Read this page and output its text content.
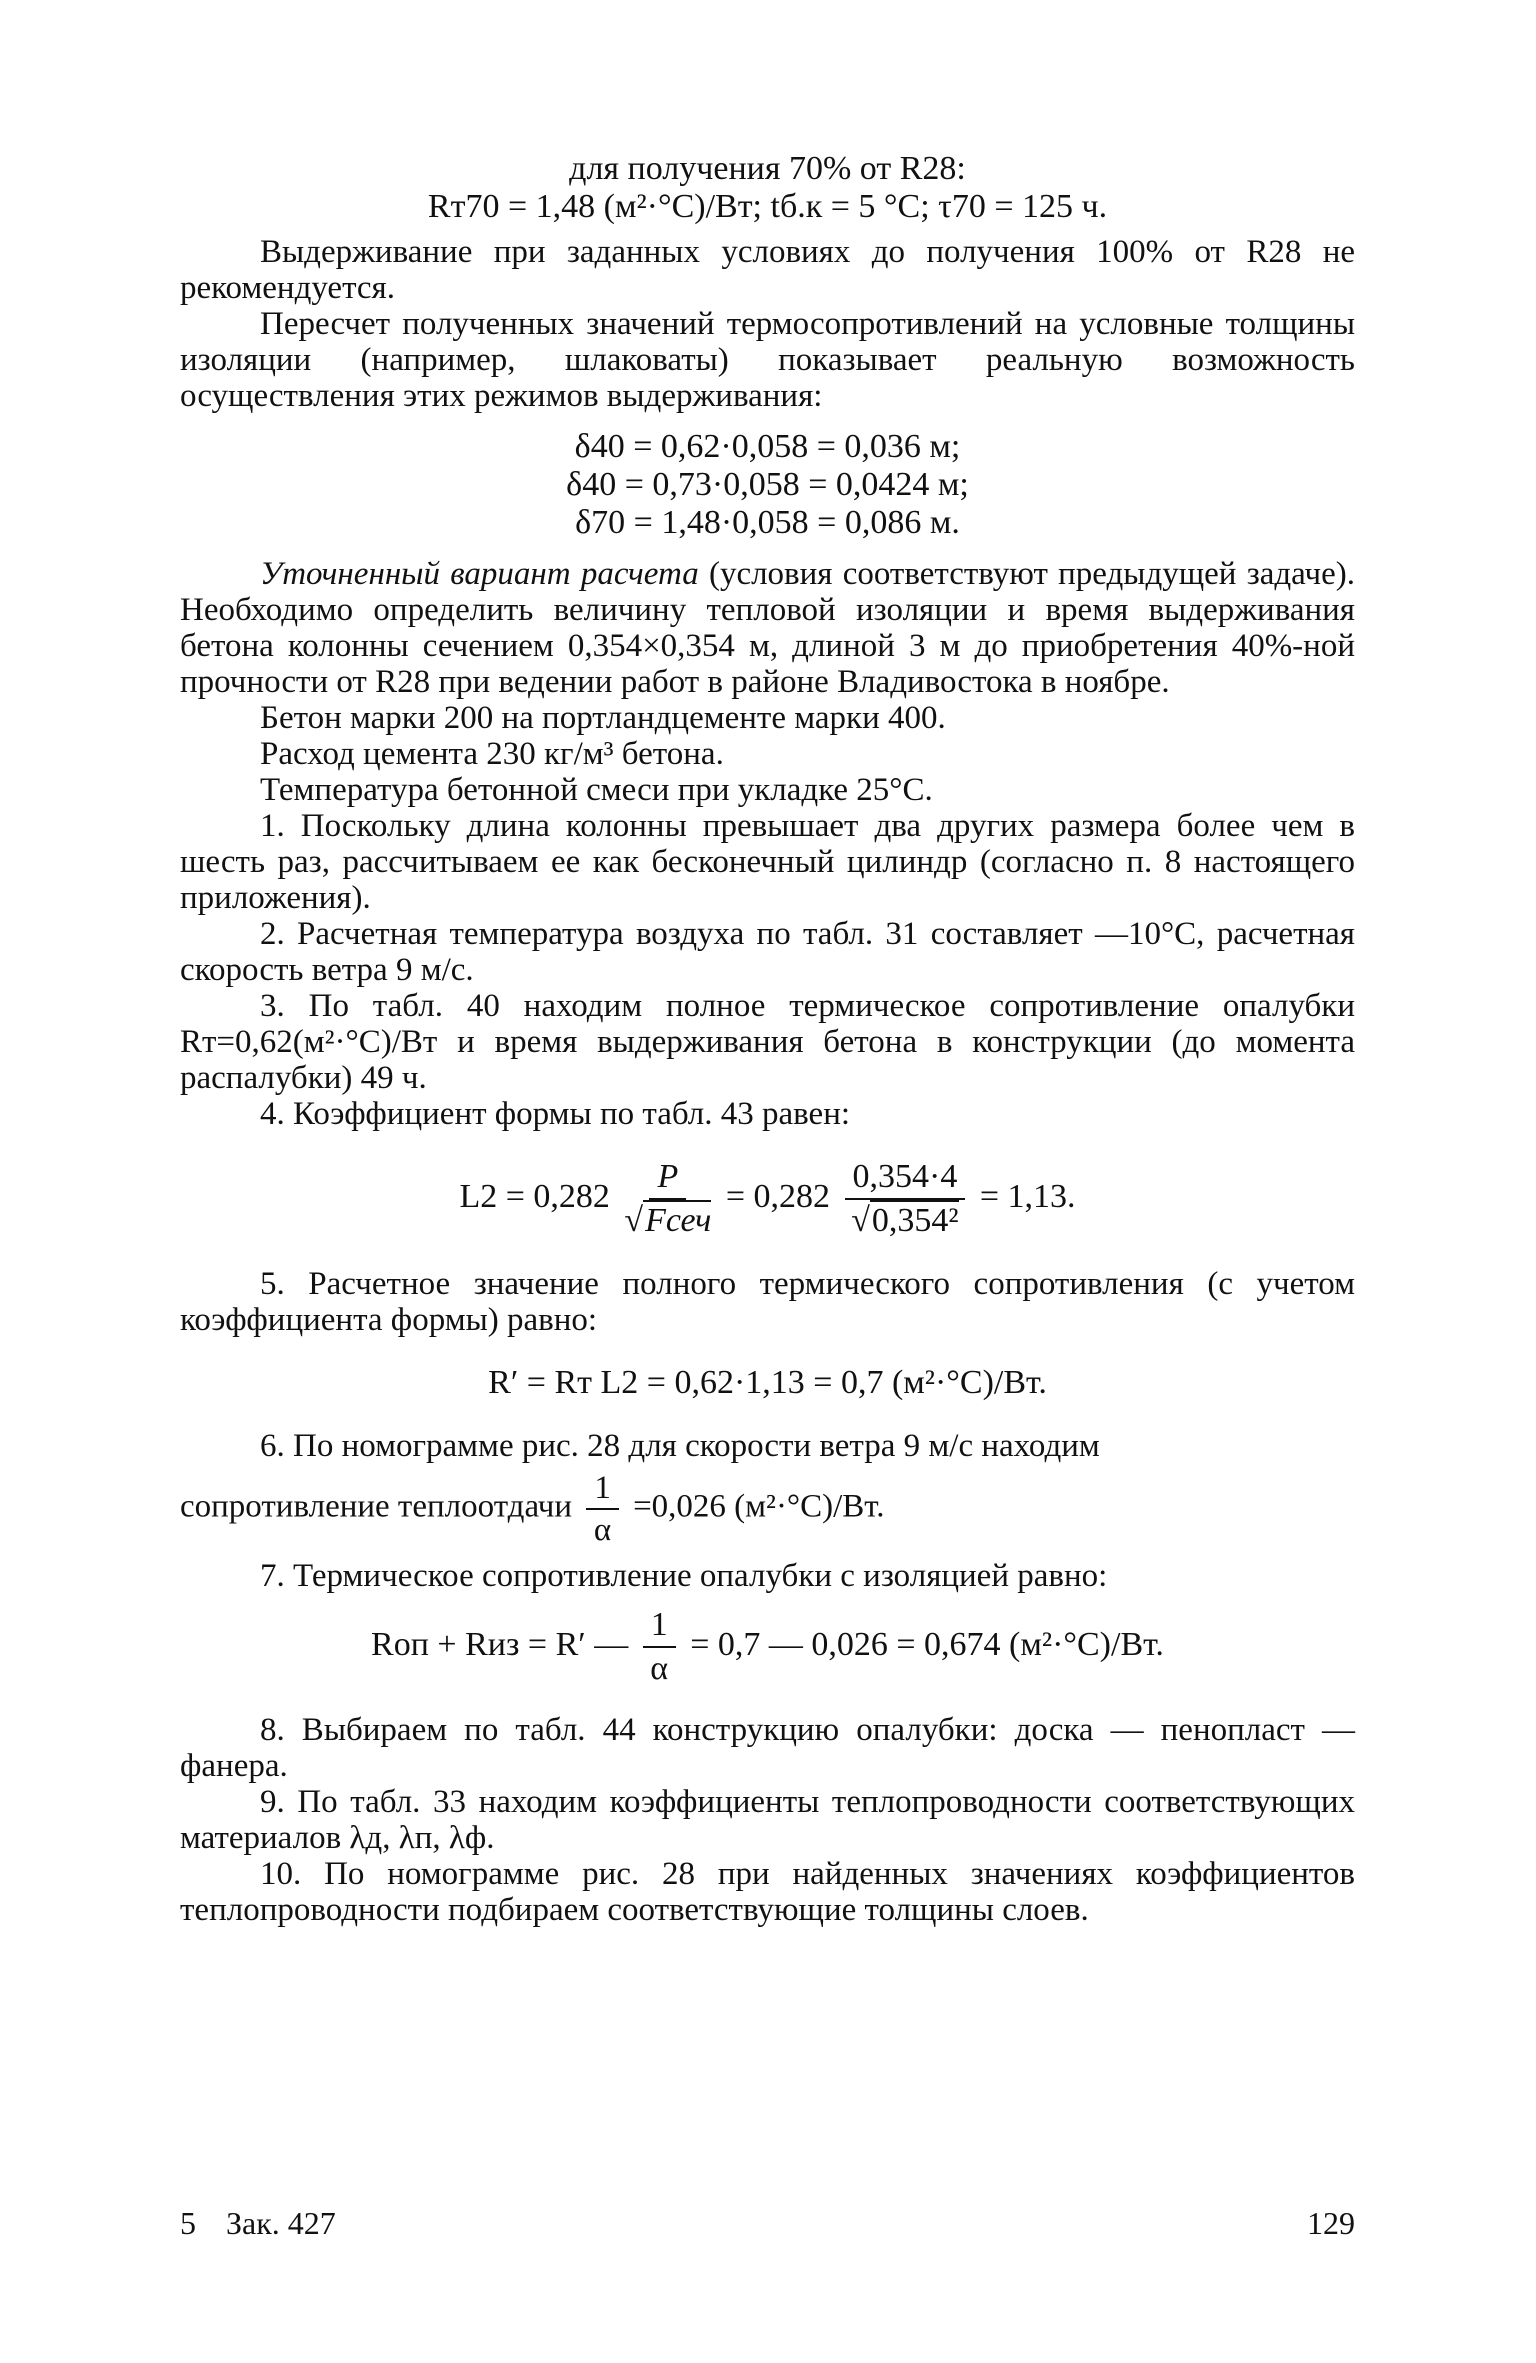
для получения 70% от R28:

Rт70 = 1,48 (м²·°С)/Вт; tб.к = 5 °С; τ70 = 125 ч.

Выдерживание при заданных условиях до получения 100% от R28 не рекомендуется.

Пересчет полученных значений термосопротивлений на условные толщины изоляции (например, шлаковаты) показывает реальную возможность осуществления этих режимов выдерживания:

δ40 = 0,62·0,058 = 0,036 м;

δ40 = 0,73·0,058 = 0,0424 м;

δ70 = 1,48·0,058 = 0,086 м.

Уточненный вариант расчета (условия соответствуют предыдущей задаче). Необходимо определить величину тепловой изоляции и время выдерживания бетона колонны сечением 0,354×0,354 м, длиной 3 м до приобретения 40%-ной прочности от R28 при ведении работ в районе Владивостока в ноябре.

Бетон марки 200 на портландцементе марки 400.

Расход цемента 230 кг/м³ бетона.

Температура бетонной смеси при укладке 25°С.

1. Поскольку длина колонны превышает два других размера более чем в шесть раз, рассчитываем ее как бесконечный цилиндр (согласно п. 8 настоящего приложения).

2. Расчетная температура воздуха по табл. 31 составляет —10°С, расчетная скорость ветра 9 м/с.

3. По табл. 40 находим полное термическое сопротивление опалубки Rт=0,62(м²·°С)/Вт и время выдерживания бетона в конструкции (до момента распалубки) 49 ч.

4. Коэффициент формы по табл. 43 равен:

$L2 = 0,282 \frac{P}{\text{√Fсеч}} = 0,282 \frac{0,354\cdot 4}{\text{√0,354²}} = 1,13$.

5. Расчетное значение полного термического сопротивления (с учетом коэффициента формы) равно:

R′ = Rт L2 = 0,62·1,13 = 0,7 (м²·°С)/Вт.

6. По номограмме рис. 28 для скорости ветра 9 м/с находим

сопротивление теплоотдачи $\frac{1}{\alpha} =0,026$ (м²·°С)/Вт.

7. Термическое сопротивление опалубки с изоляцией равно:

Rоп + Rиз = R′ — $\frac{1}{\alpha} = 0,7$ — 0,026 = 0,674 (м²·°С)/Вт.

8. Выбираем по табл. 44 конструкцию опалубки: доска — пенопласт — фанера.

9. По табл. 33 находим коэффициенты теплопроводности соответствующих материалов λд, λп, λф.

10. По номограмме рис. 28 при найденных значениях коэффициентов теплопроводности подбираем соответствующие толщины слоев.

5 Зак. 427	129
